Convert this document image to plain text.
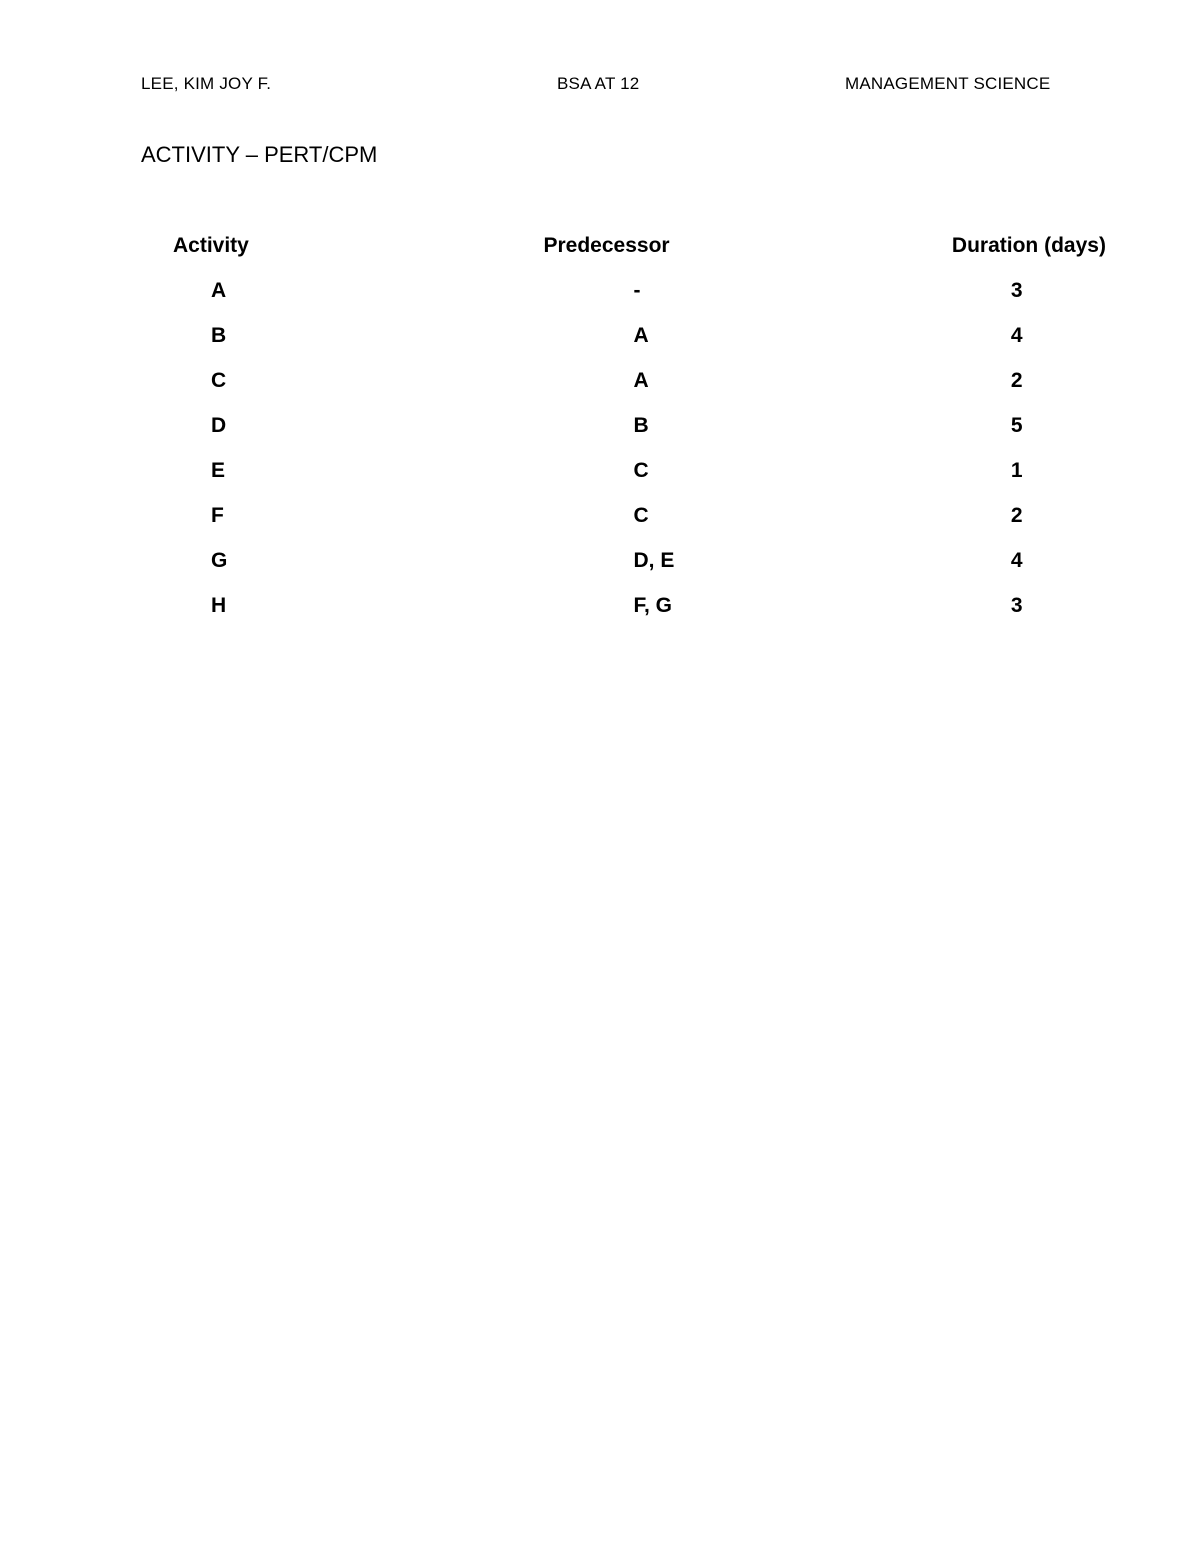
LEE, KIM JOY F.	BSA AT 12	MANAGEMENT SCIENCE
ACTIVITY – PERT/CPM
Activity	Predecessor	Duration (days)
A	-	3
B	A	4
C	A	2
D	B	5
E	C	1
F	C	2
G	D, E	4
H	F, G	3
